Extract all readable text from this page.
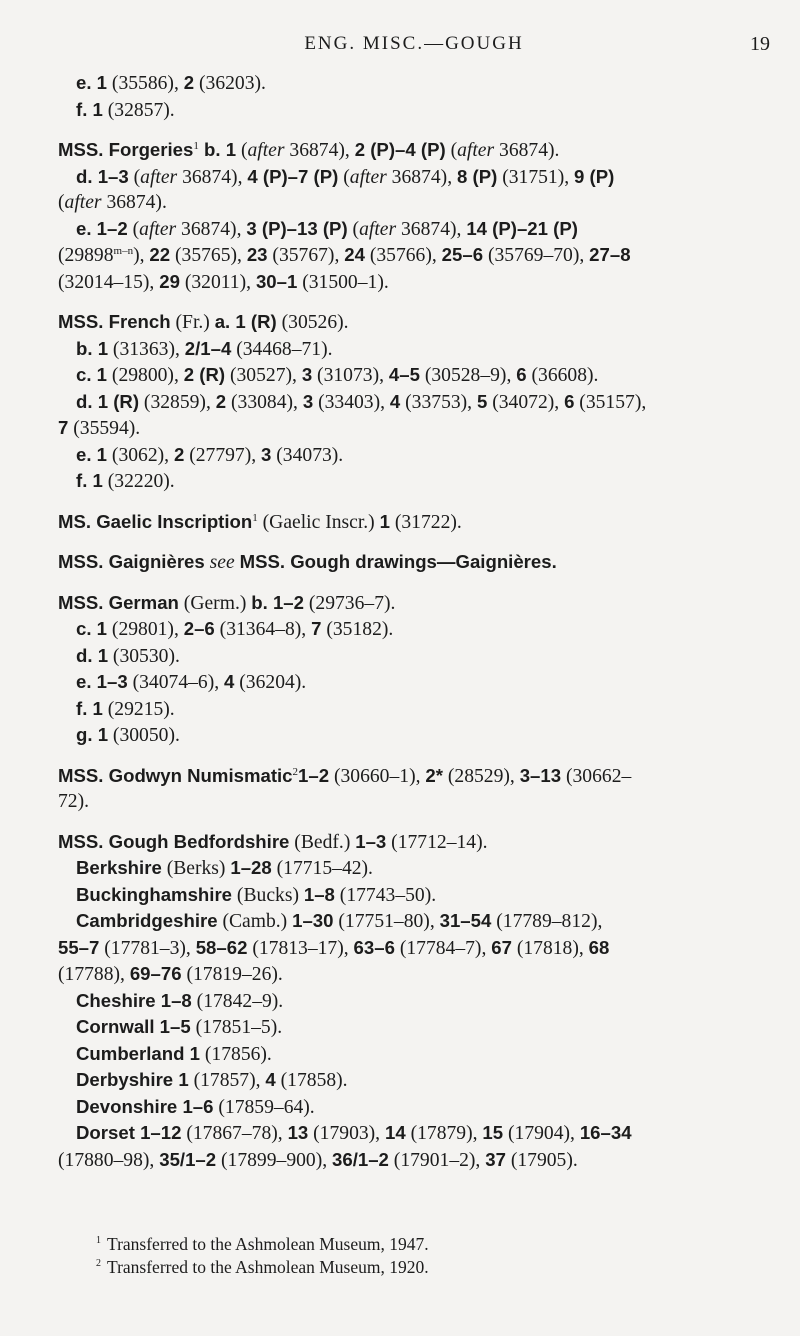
ENG. MISC.—GOUGH	19

e. 1 (35586), 2 (36203).

f. 1 (32857).

MSS. Forgeries$^1$ b. 1 (after 36874), 2 (P)–4 (P) (after 36874).

d. 1–3 (after 36874), 4 (P)–7 (P) (after 36874), 8 (P) (31751), 9 (P)

(after 36874).

e. 1–2 (after 36874), 3 (P)–13 (P) (after 36874), 14 (P)–21 (P)

(29898$^{m-n}$), 22 (35765), 23 (35767), 24 (35766), 25–6 (35769–70), 27–8

(32014–15), 29 (32011), 30–1 (31500–1).

MSS. French (Fr.) a. 1 (R) (30526).

b. 1 (31363), 2/1–4 (34468–71).

c. 1 (29800), 2 (R) (30527), 3 (31073), 4–5 (30528–9), 6 (36608).

d. 1 (R) (32859), 2 (33084), 3 (33403), 4 (33753), 5 (34072), 6 (35157),

7 (35594).

e. 1 (3062), 2 (27797), 3 (34073).

f. 1 (32220).

MS. Gaelic Inscription$^1$ (Gaelic Inscr.) 1 (31722).

MSS. Gaignières see MSS. Gough drawings—Gaignières.

MSS. German (Germ.) b. 1–2 (29736–7).

c. 1 (29801), 2–6 (31364–8), 7 (35182).

d. 1 (30530).

e. 1–3 (34074–6), 4 (36204).

f. 1 (29215).

g. 1 (30050).

MSS. Godwyn Numismatic$^2$1–2 (30660–1), 2* (28529), 3–13 (30662–

72).

MSS. Gough Bedfordshire (Bedf.) 1–3 (17712–14).

Berkshire (Berks) 1–28 (17715–42).

Buckinghamshire (Bucks) 1–8 (17743–50).

Cambridgeshire (Camb.) 1–30 (17751–80), 31–54 (17789–812),

55–7 (17781–3), 58–62 (17813–17), 63–6 (17784–7), 67 (17818), 68

(17788), 69–76 (17819–26).

Cheshire 1–8 (17842–9).

Cornwall 1–5 (17851–5).

Cumberland 1 (17856).

Derbyshire 1 (17857), 4 (17858).

Devonshire 1–6 (17859–64).

Dorset 1–12 (17867–78), 13 (17903), 14 (17879), 15 (17904), 16–34

(17880–98), 35/1–2 (17899–900), 36/1–2 (17901–2), 37 (17905).

$^1$ Transferred to the Ashmolean Museum, 1947.

$^2$ Transferred to the Ashmolean Museum, 1920.
